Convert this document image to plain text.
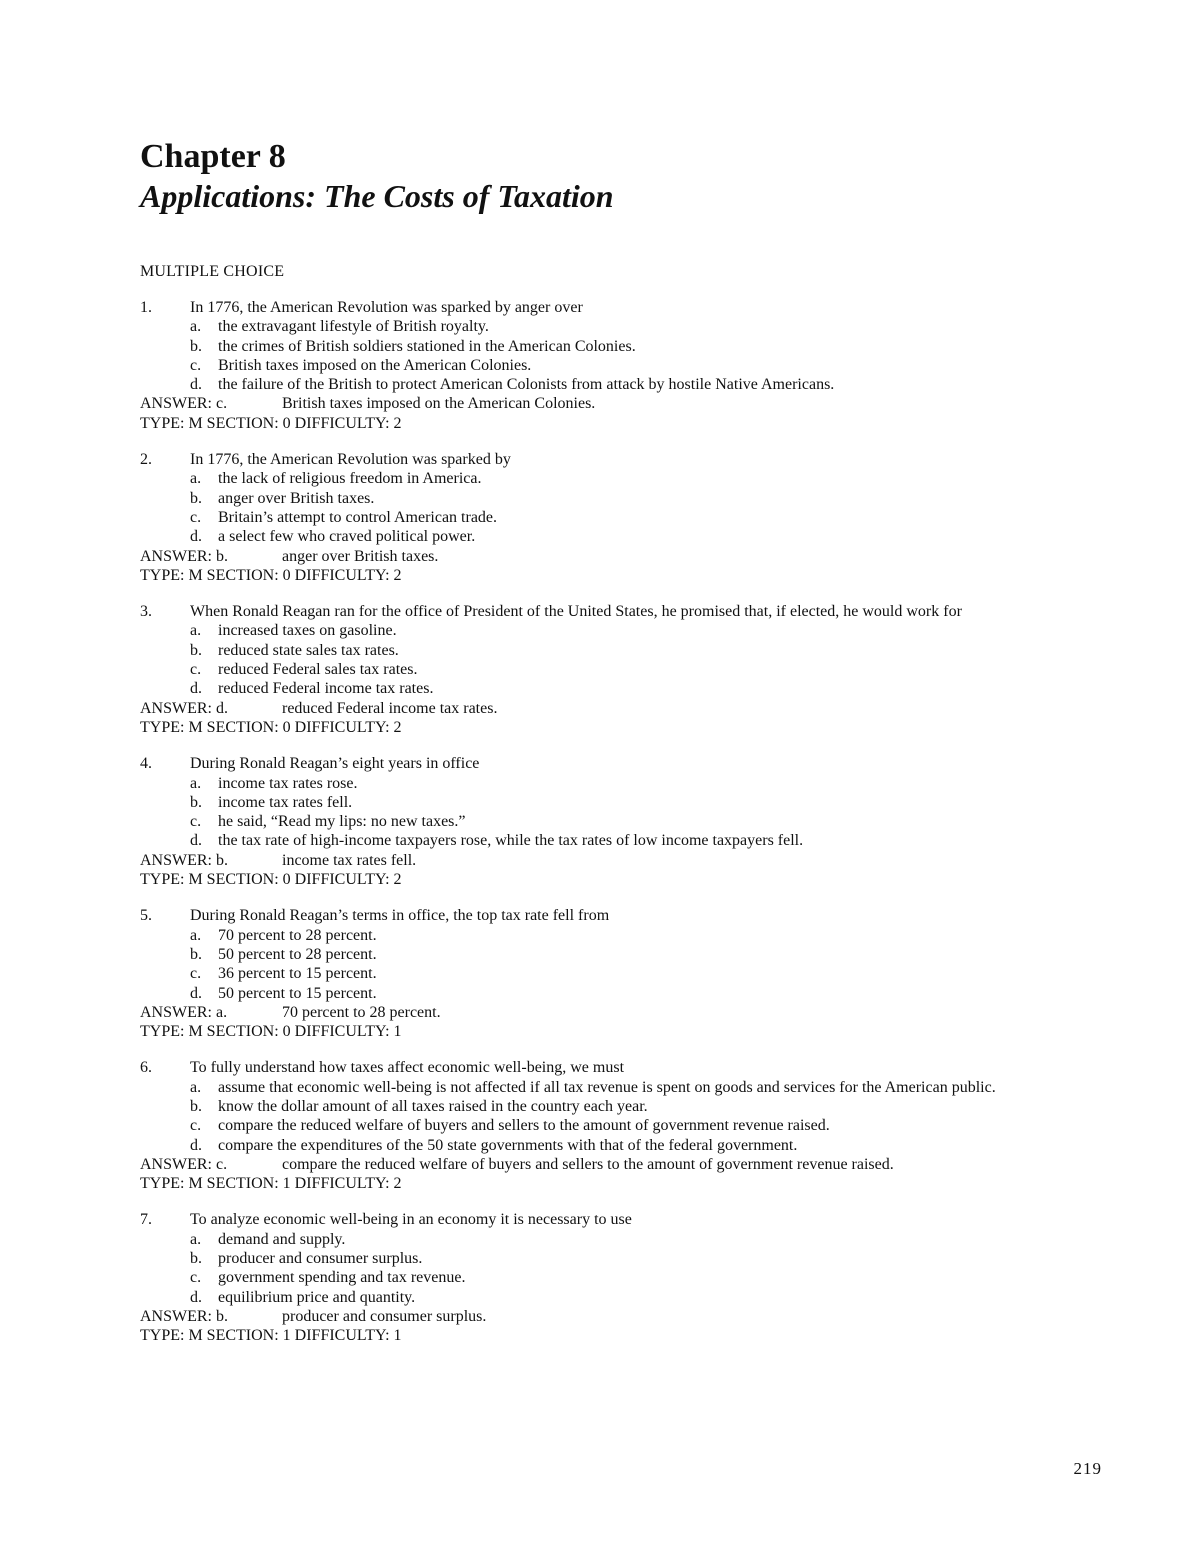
Chapter 8
Applications: The Costs of Taxation
MULTIPLE CHOICE
1.	In 1776, the American Revolution was sparked by anger over
a.	the extravagant lifestyle of British royalty.
b.	the crimes of British soldiers stationed in the American Colonies.
c.	British taxes imposed on the American Colonies.
d.	the failure of the British to protect American Colonists from attack by hostile Native Americans.
ANSWER: c.	British taxes imposed on the American Colonies.
TYPE: M SECTION: 0 DIFFICULTY: 2
2.	In 1776, the American Revolution was sparked by
a.	the lack of religious freedom in America.
b.	anger over British taxes.
c.	Britain’s attempt to control American trade.
d.	a select few who craved political power.
ANSWER: b.	anger over British taxes.
TYPE: M SECTION: 0 DIFFICULTY: 2
3.	When Ronald Reagan ran for the office of President of the United States, he promised that, if elected, he would work for
a.	increased taxes on gasoline.
b.	reduced state sales tax rates.
c.	reduced Federal sales tax rates.
d.	reduced Federal income tax rates.
ANSWER: d.	reduced Federal income tax rates.
TYPE: M SECTION: 0 DIFFICULTY: 2
4.	During Ronald Reagan’s eight years in office
a.	income tax rates rose.
b.	income tax rates fell.
c.	he said, “Read my lips: no new taxes.”
d.	the tax rate of high-income taxpayers rose, while the tax rates of low income taxpayers fell.
ANSWER: b.	income tax rates fell.
TYPE: M SECTION: 0 DIFFICULTY: 2
5.	During Ronald Reagan’s terms in office, the top tax rate fell from
a.	70 percent to 28 percent.
b.	50 percent to 28 percent.
c.	36 percent to 15 percent.
d.	50 percent to 15 percent.
ANSWER: a.	70 percent to 28 percent.
TYPE: M SECTION: 0 DIFFICULTY: 1
6.	To fully understand how taxes affect economic well-being, we must
a.	assume that economic well-being is not affected if all tax revenue is spent on goods and services for the American public.
b.	know the dollar amount of all taxes raised in the country each year.
c.	compare the reduced welfare of buyers and sellers to the amount of government revenue raised.
d.	compare the expenditures of the 50 state governments with that of the federal government.
ANSWER: c.	compare the reduced welfare of buyers and sellers to the amount of government revenue raised.
TYPE: M SECTION: 1 DIFFICULTY: 2
7.	To analyze economic well-being in an economy it is necessary to use
a.	demand and supply.
b.	producer and consumer surplus.
c.	government spending and tax revenue.
d.	equilibrium price and quantity.
ANSWER: b.	producer and consumer surplus.
TYPE: M SECTION: 1 DIFFICULTY: 1
219
